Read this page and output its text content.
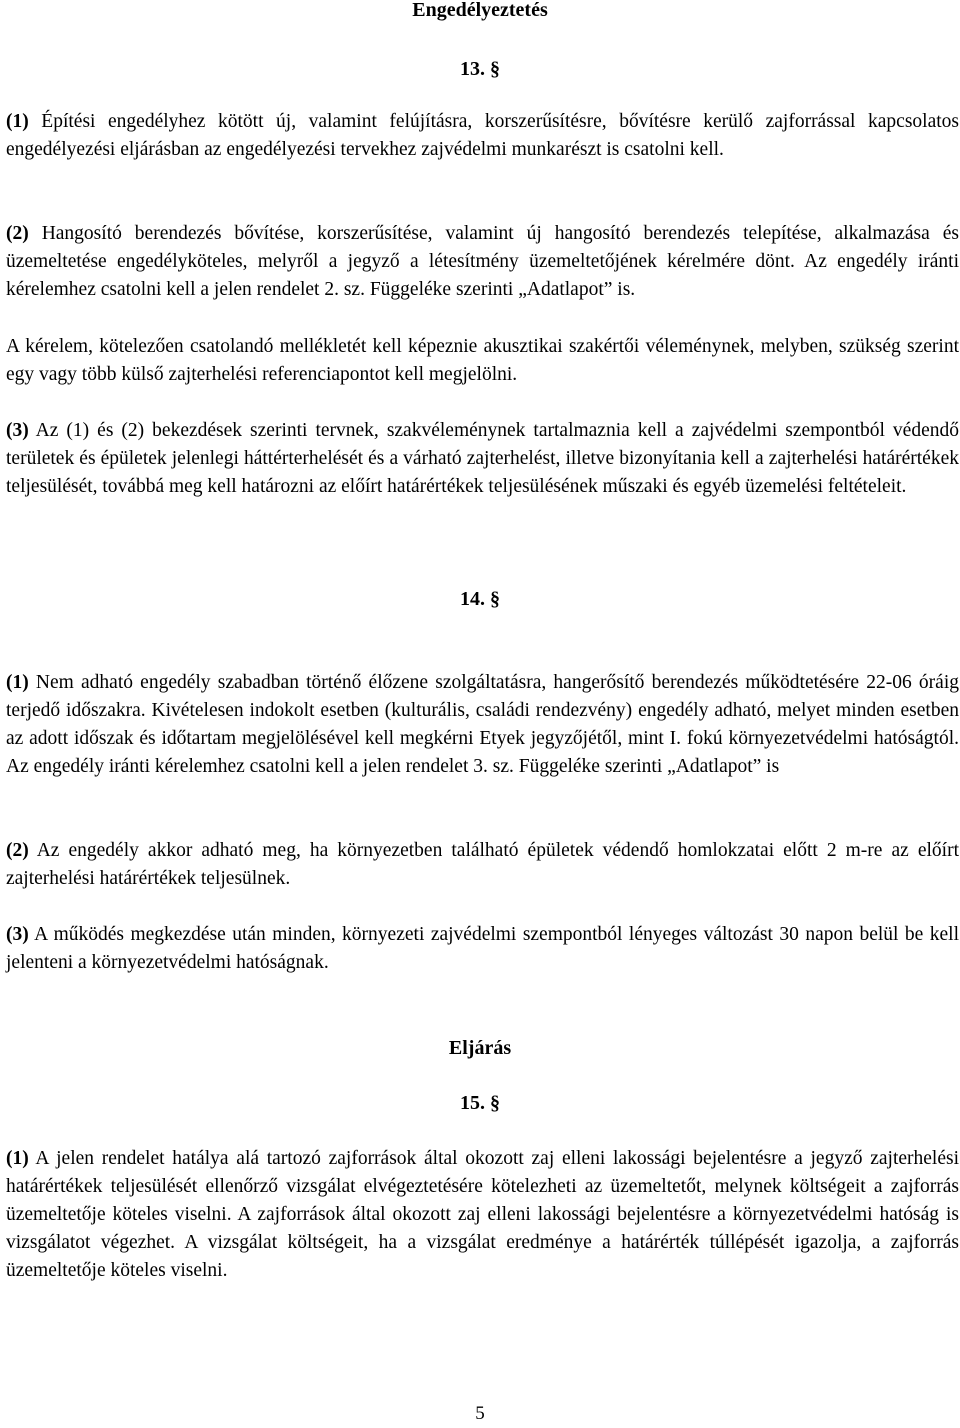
Engedélyeztetés
13. §
(1) Építési engedélyhez kötött új, valamint felújításra, korszerűsítésre, bővítésre kerülő zajforrással kapcsolatos engedélyezési eljárásban az engedélyezési tervekhez zajvédelmi munkarészt is csatolni kell.
(2) Hangosító berendezés bővítése, korszerűsítése, valamint új hangosító berendezés telepítése, alkalmazása és üzemeltetése engedélyköteles, melyről a jegyző a létesítmény üzemeltetőjének kérelmére dönt. Az engedély iránti kérelemhez csatolni kell a jelen rendelet 2. sz. Függeléke szerinti „Adatlapot” is.
A kérelem, kötelezően csatolandó mellékletét kell képeznie akusztikai szakértői véleménynek, melyben, szükség szerint egy vagy több külső zajterhelési referenciapontot kell megjelölni.
(3) Az (1) és (2) bekezdések szerinti tervnek, szakvéleménynek tartalmaznia kell a zajvédelmi szempontból védendő területek és épületek jelenlegi háttérterhelését és a várható zajterhelést, illetve bizonyítania kell a zajterhelési határértékek teljesülését, továbbá meg kell határozni az előírt határértékek teljesülésének műszaki és egyéb üzemelési feltételeit.
14. §
(1) Nem adható engedély szabadban történő élőzene szolgáltatásra, hangerősítő berendezés működtetésére 22-06 óráig terjedő időszakra. Kivételesen indokolt esetben (kulturális, családi rendezvény) engedély adható, melyet minden esetben az adott időszak és időtartam megjelölésével kell megkérni Etyek jegyzőjétől, mint I. fokú környezetvédelmi hatóságtól. Az engedély iránti kérelemhez csatolni kell a jelen rendelet 3. sz. Függeléke szerinti „Adatlapot” is
(2) Az engedély akkor adható meg, ha környezetben található épületek védendő homlokzatai előtt 2 m-re az előírt zajterhelési határértékek teljesülnek.
(3) A működés megkezdése után minden, környezeti zajvédelmi szempontból lényeges változást 30 napon belül be kell jelenteni a környezetvédelmi hatóságnak.
Eljárás
15. §
(1) A jelen rendelet hatálya alá tartozó zajforrások által okozott zaj elleni lakossági bejelentésre a jegyző zajterhelési határértékek teljesülését ellenőrző vizsgálat elvégeztetésére kötelezheti az üzemeltetőt, melynek költségeit a zajforrás üzemeltetője köteles viselni. A zajforrások által okozott zaj elleni lakossági bejelentésre a környezetvédelmi hatóság is vizsgálatot végezhet. A vizsgálat költségeit, ha a vizsgálat eredménye a határérték túllépését igazolja, a zajforrás üzemeltetője köteles viselni.
5
